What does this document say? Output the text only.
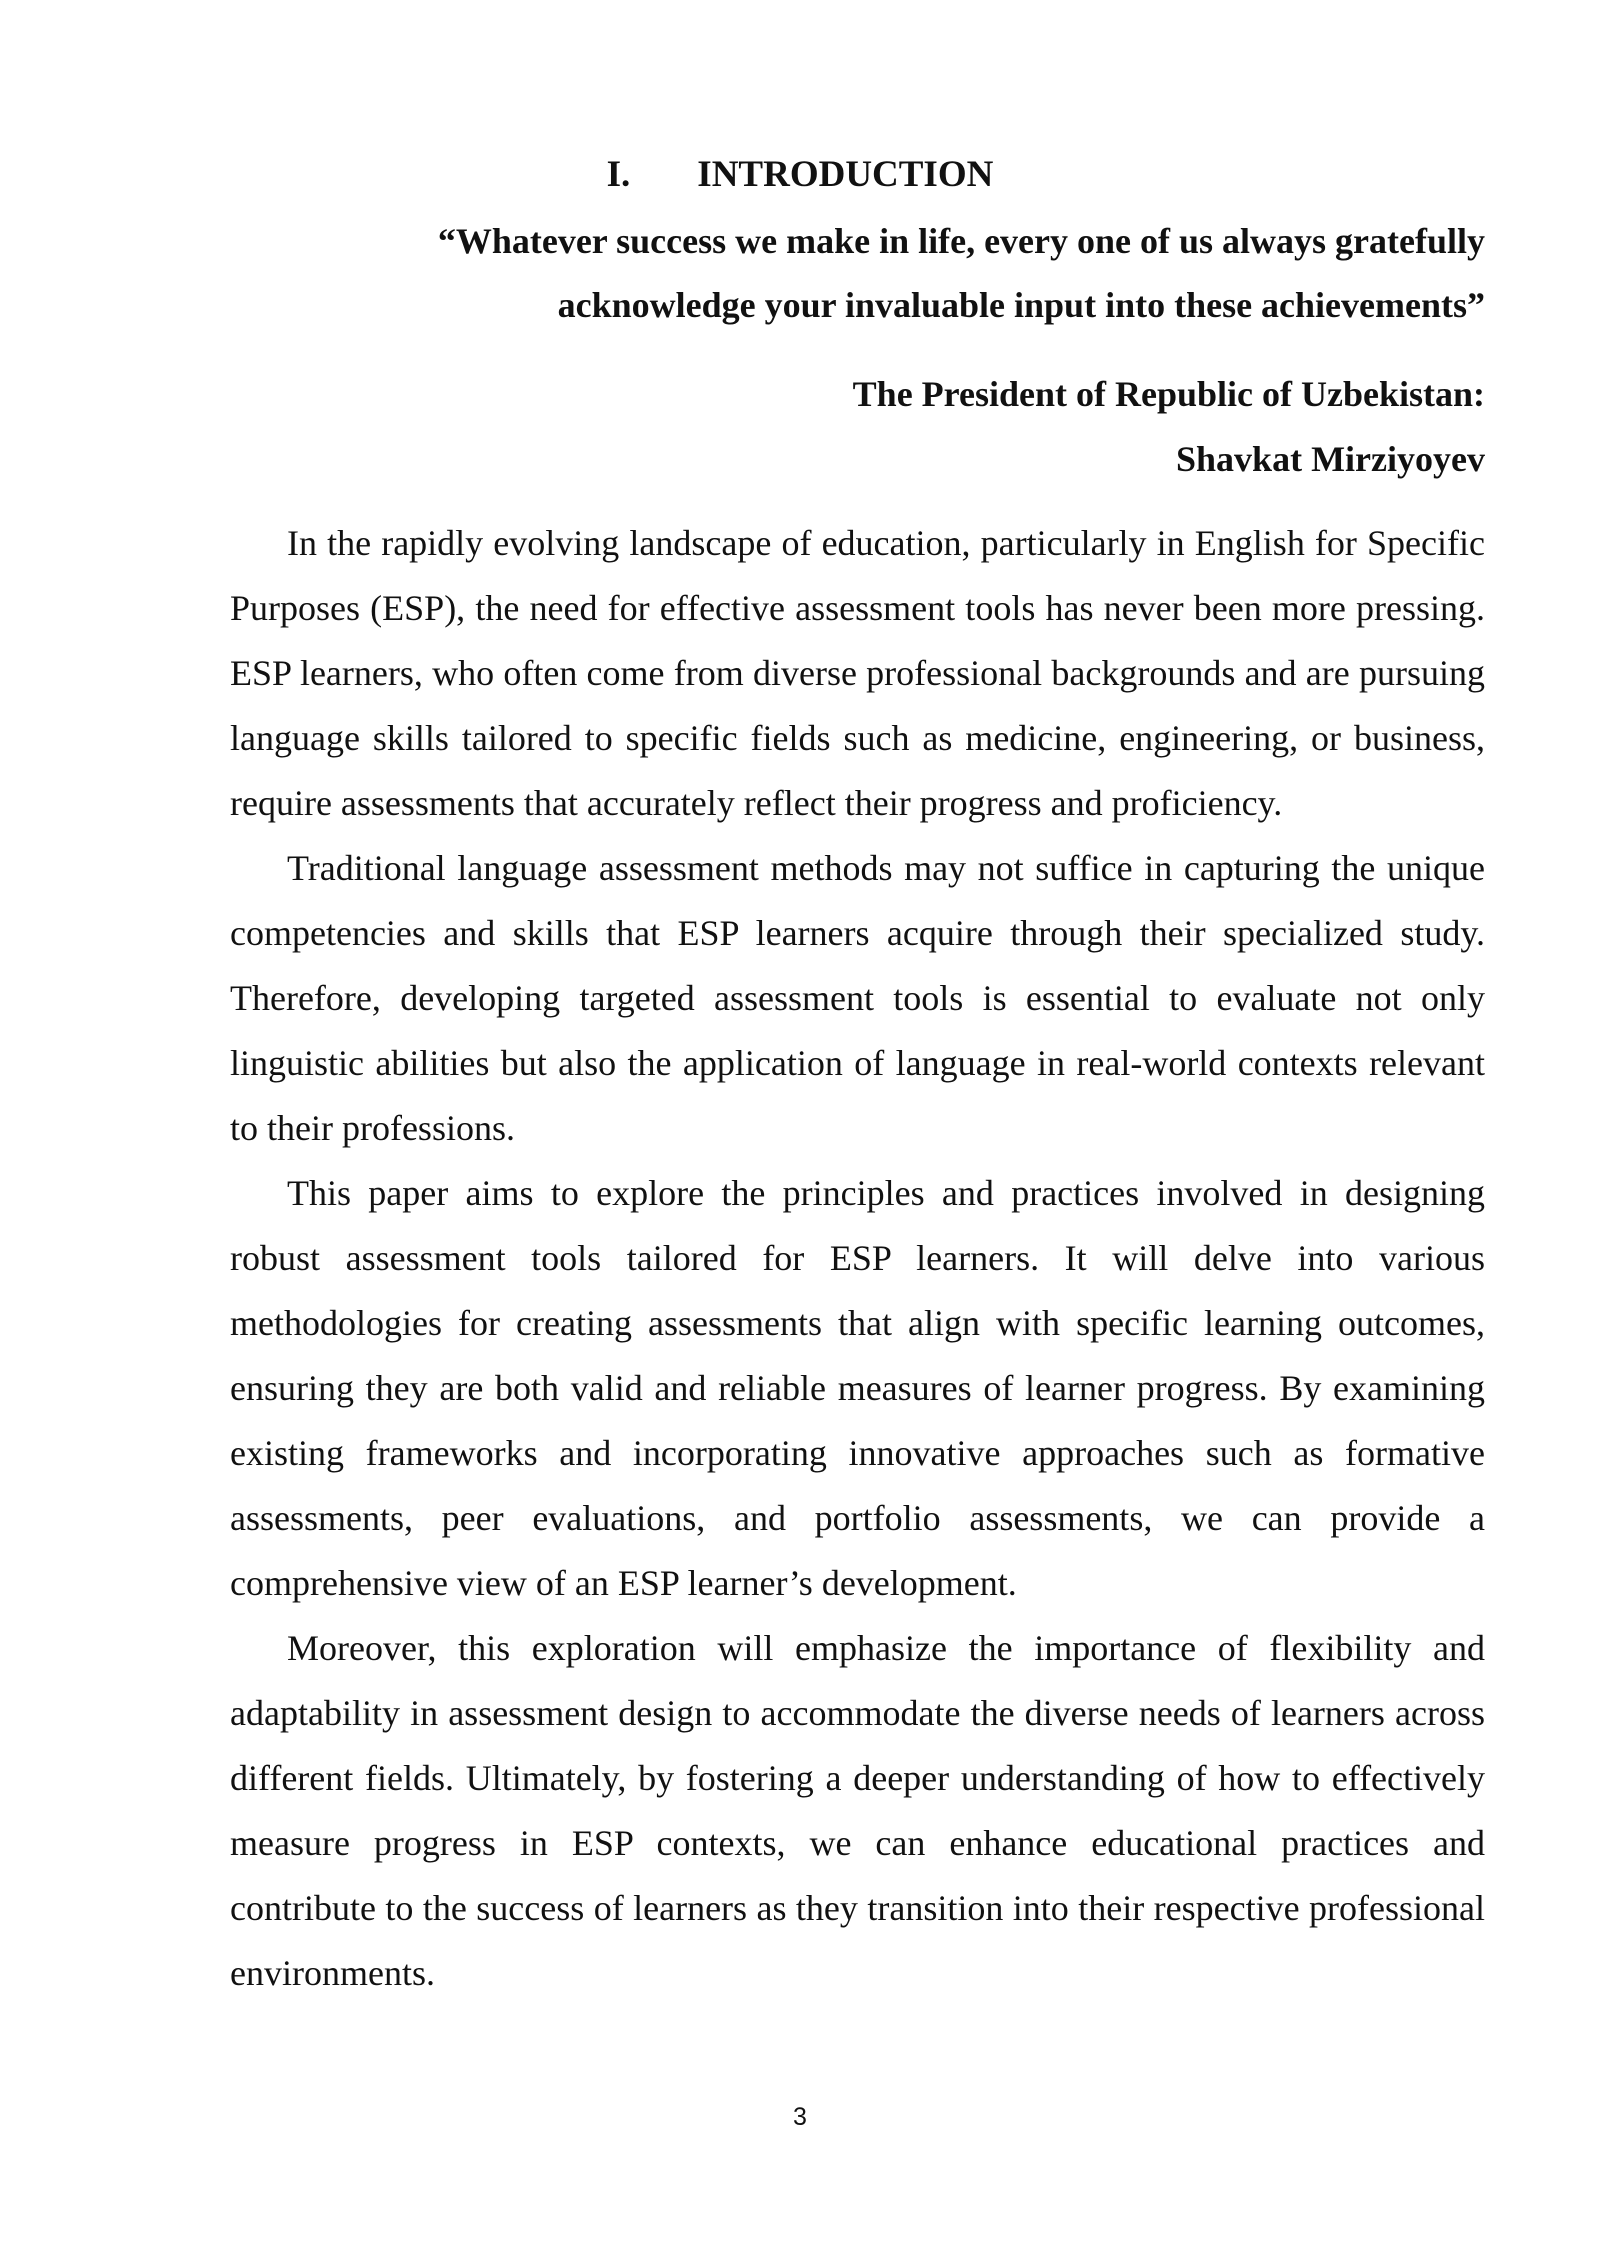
I. INTRODUCTION
“Whatever success we make in life, every one of us always gratefully
acknowledge your invaluable input into these achievements”
The President of Republic of Uzbekistan:
Shavkat Mirziyoyev

In the rapidly evolving landscape of education, particularly in English for Specific Purposes (ESP), the need for effective assessment tools has never been more pressing. ESP learners, who often come from diverse professional backgrounds and are pursuing language skills tailored to specific fields such as medicine, engineering, or business, require assessments that accurately reflect their progress and proficiency.

Traditional language assessment methods may not suffice in capturing the unique competencies and skills that ESP learners acquire through their specialized study. Therefore, developing targeted assessment tools is essential to evaluate not only linguistic abilities but also the application of language in real-world contexts relevant to their professions.

This paper aims to explore the principles and practices involved in designing robust assessment tools tailored for ESP learners. It will delve into various methodologies for creating assessments that align with specific learning outcomes, ensuring they are both valid and reliable measures of learner progress. By examining existing frameworks and incorporating innovative approaches such as formative assessments, peer evaluations, and portfolio assessments, we can provide a comprehensive view of an ESP learner’s development.

Moreover, this exploration will emphasize the importance of flexibility and adaptability in assessment design to accommodate the diverse needs of learners across different fields. Ultimately, by fostering a deeper understanding of how to effectively measure progress in ESP contexts, we can enhance educational practices and contribute to the success of learners as they transition into their respective professional environments.

3
